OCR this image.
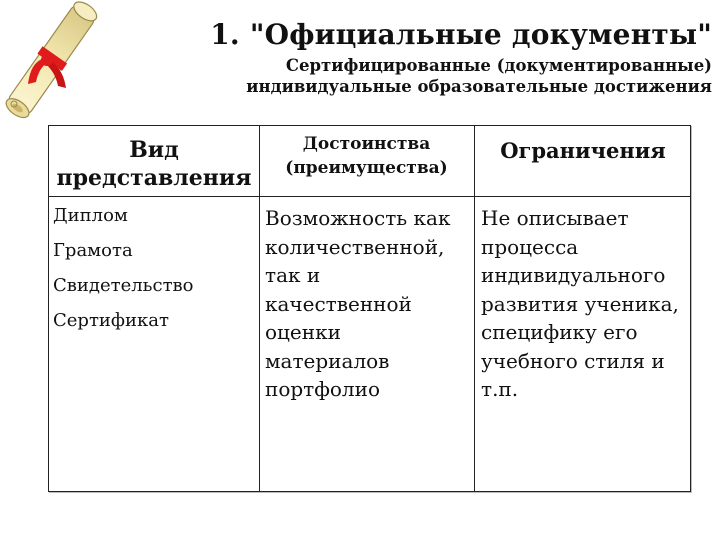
1. "Официальные документы"
Сертифицированные (документированные) индивидуальные образовательные достижения
Вид представления
Достоинства (преимущества)
Ограничения
Диплом
Грамота
Свидетельство
Сертификат
Возможность как количественной, так и качественной оценки материалов портфолио
Не описывает процесса индивидуального развития ученика, специфику его учебного стиля и т.п.
